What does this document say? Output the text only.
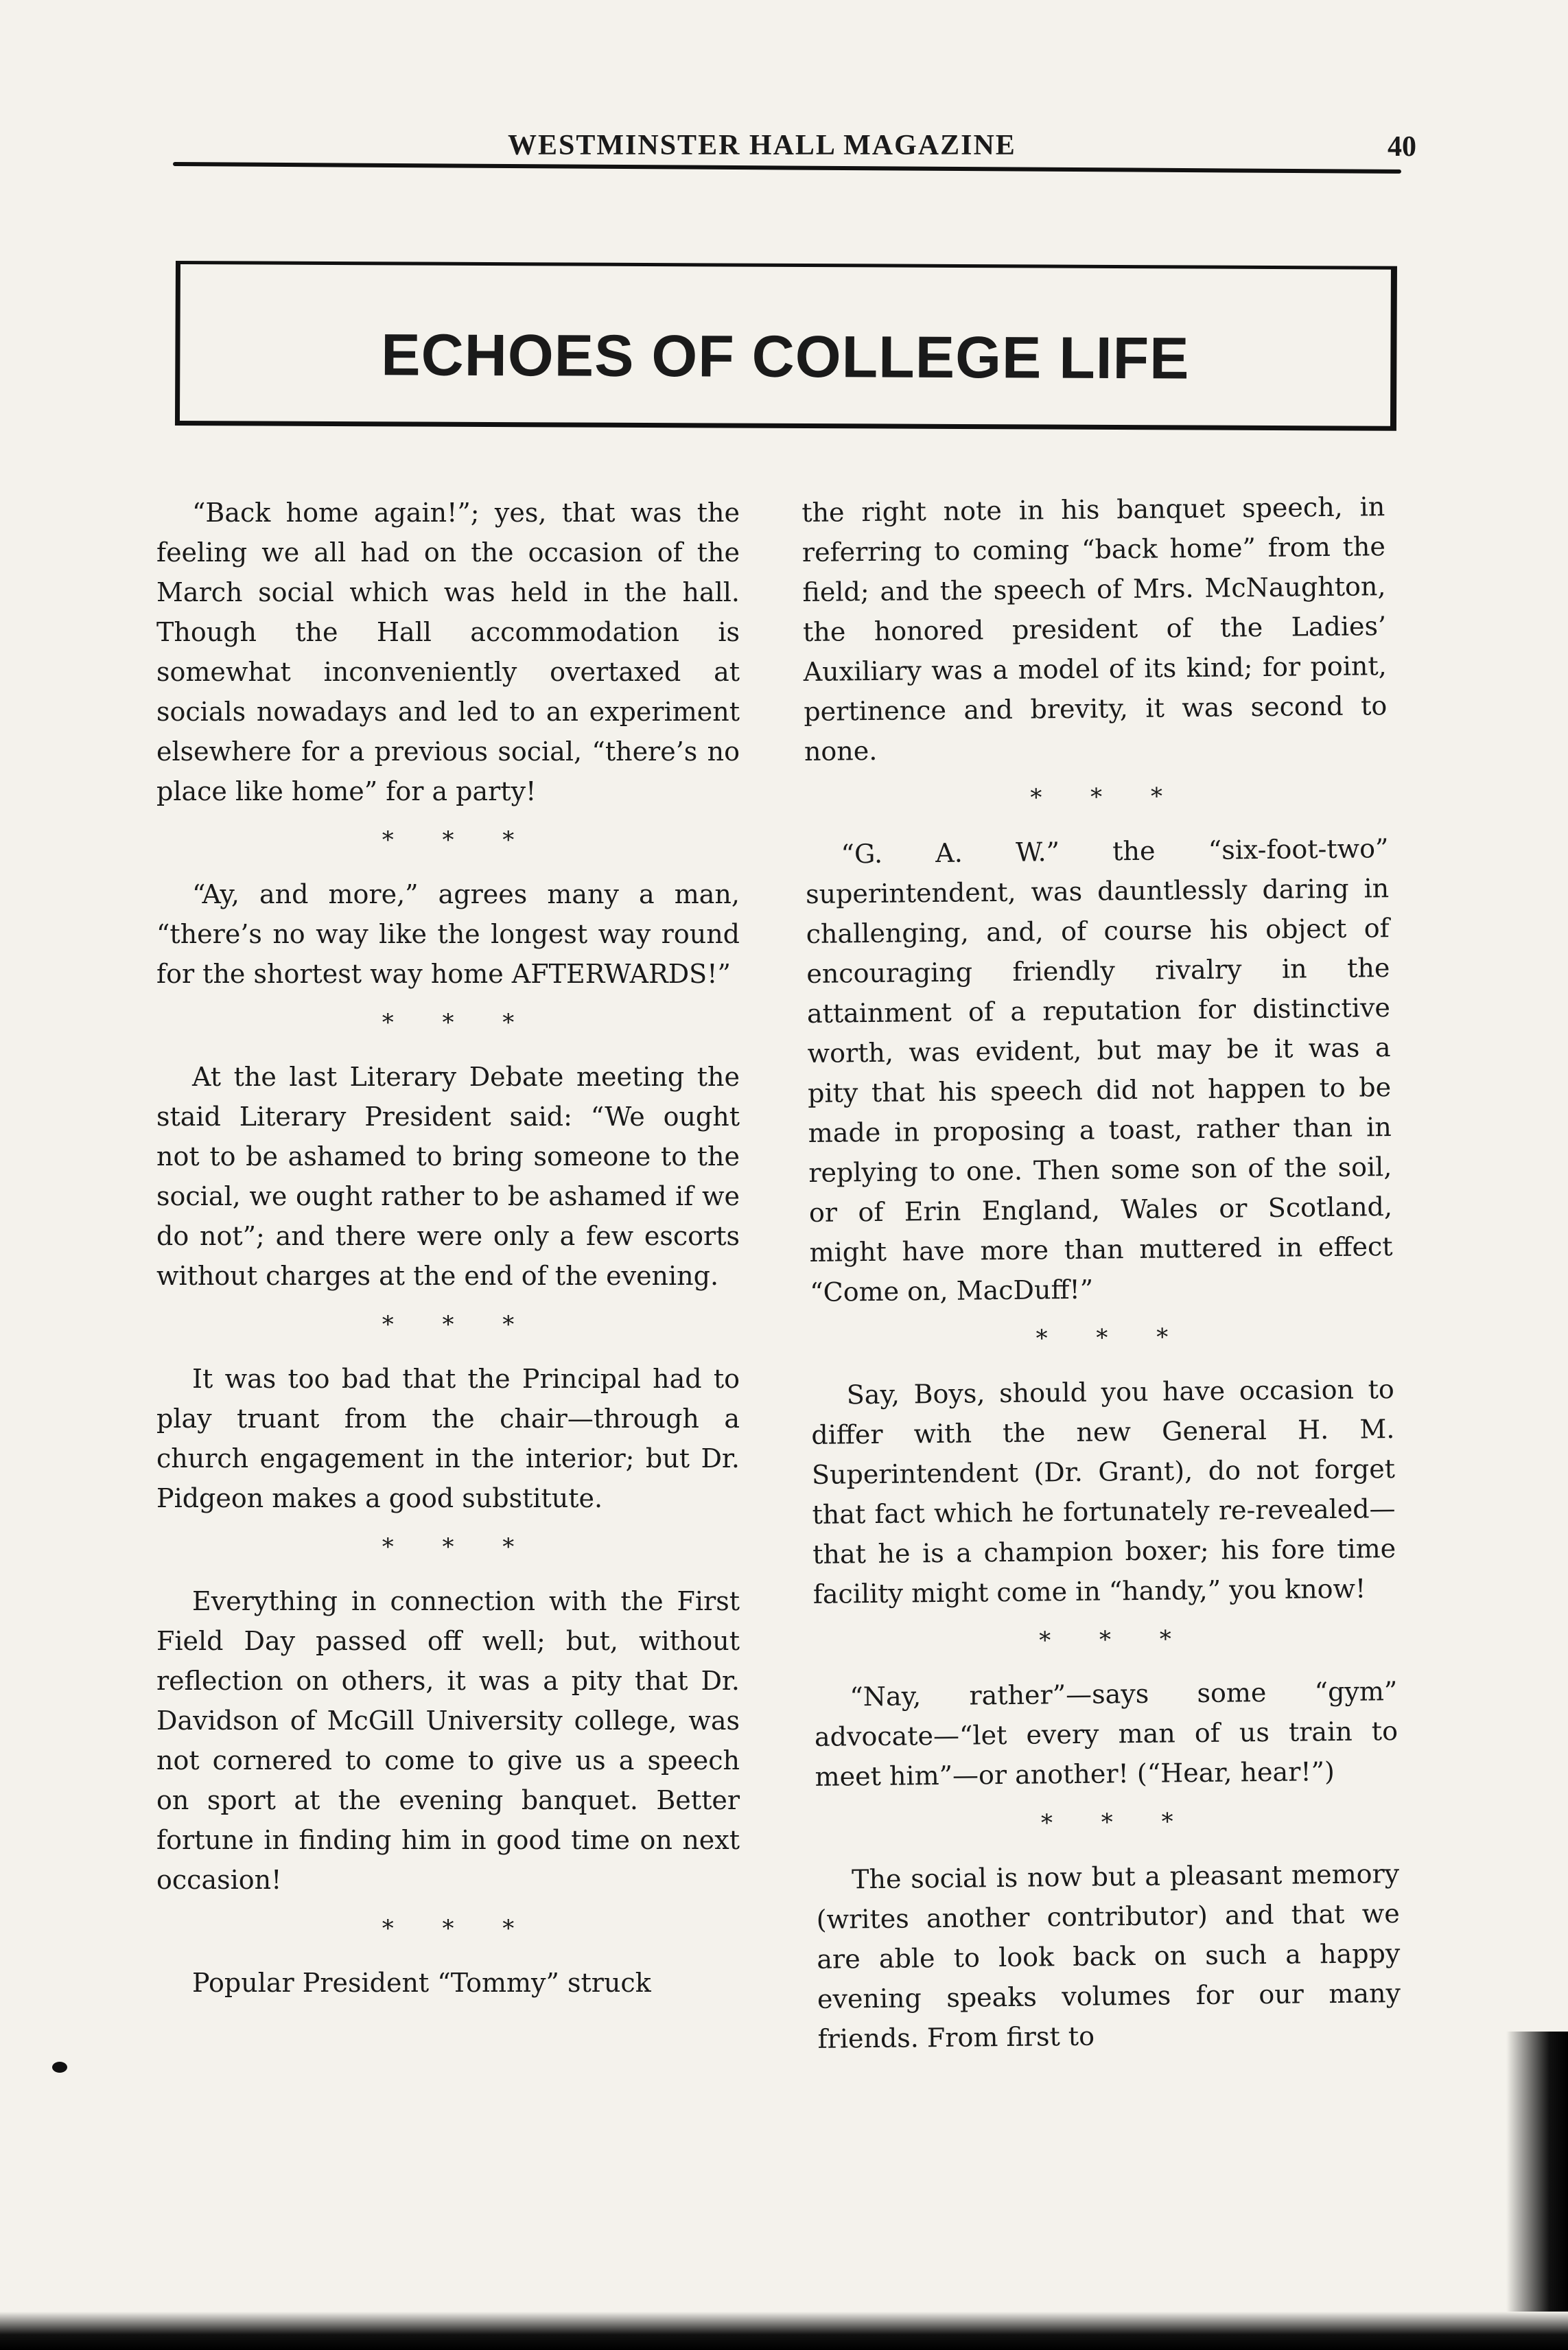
WESTMINSTER HALL MAGAZINE	40
ECHOES OF COLLEGE LIFE

“Back home again!”; yes, that was the feeling we all had on the occasion of the March social which was held in the hall. Though the Hall accommodation is somewhat inconveniently overtaxed at socials nowadays and led to an experiment elsewhere for a previous social, “there’s no place like home” for a party!

* * *

“Ay, and more,” agrees many a man, “there’s no way like the longest way round for the shortest way home AFTERWARDS!”

* * *

At the last Literary Debate meeting the staid Literary President said: “We ought not to be ashamed to bring someone to the social, we ought rather to be ashamed if we do not”; and there were only a few escorts without charges at the end of the evening.

* * *

It was too bad that the Principal had to play truant from the chair—through a church engagement in the interior; but Dr. Pidgeon makes a good substitute.

* * *

Everything in connection with the First Field Day passed off well; but, without reflection on others, it was a pity that Dr. Davidson of McGill University college, was not cornered to come to give us a speech on sport at the evening banquet. Better fortune in finding him in good time on next occasion!

* * *

Popular President “Tommy” struck

the right note in his banquet speech, in referring to coming “back home” from the field; and the speech of Mrs. McNaughton, the honored president of the Ladies’ Auxiliary was a model of its kind; for point, pertinence and brevity, it was second to none.

* * *

“G. A. W.” the “six-foot-two” superintendent, was dauntlessly daring in challenging, and, of course his object of encouraging friendly rivalry in the attainment of a reputation for distinctive worth, was evident, but may be it was a pity that his speech did not happen to be made in proposing a toast, rather than in replying to one. Then some son of the soil, or of Erin England, Wales or Scotland, might have more than muttered in effect “Come on, MacDuff!”

* * *

Say, Boys, should you have occasion to differ with the new General H. M. Superintendent (Dr. Grant), do not forget that fact which he fortunately re-revealed—that he is a champion boxer; his fore time facility might come in “handy,” you know!

* * *

“Nay, rather”—says some “gym” advocate—“let every man of us train to meet him”—or another! (“Hear, hear!”)

* * *

The social is now but a pleasant memory (writes another contributor) and that we are able to look back on such a happy evening speaks volumes for our many friends. From first to
